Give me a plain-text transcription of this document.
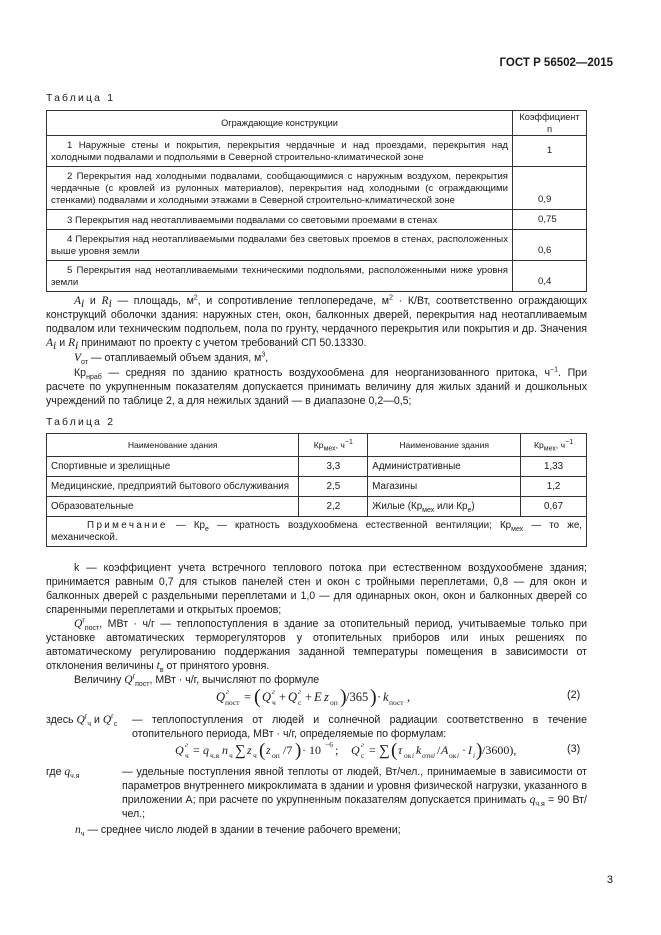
ГОСТ Р 56502—2015
Таблица 1
Ограждающие конструкции	Коэффициент n
1 Наружные стены и покрытия, перекрытия чердачные и над проездами, перекрытия над холодными подвалами и подпольями в Северной строительно-климатической зоне	1
2 Перекрытия над холодными подвалами, сообщающимися с наружным воздухом, перекрытия чердачные (с кровлей из рулонных материалов), перекрытия над холодными (с ограждающими стенками) подвалами и холодными этажами в Северной строительно-климатической зоне	0,9
3 Перекрытия над неотапливаемыми подвалами со световыми проемами в стенах	0,75
4 Перекрытия над неотапливаемыми подвалами без световых проемов в стенах, расположенных выше уровня земли	0,6
5 Перекрытия над неотапливаемыми техническими подпольями, расположенными ниже уровня земли	0,4
$A_i$ и $R_i$ — площадь, $м^2$, и сопротивление теплопередаче, $м^2 \cdot К/Вт$, соответственно ограждающих конструкций оболочки здания: наружных стен, окон, балконных дверей, перекрытия над неотапливаемым подвалом или техническим подпольем, пола по грунту, чердачного перекрытия или покрытия и др. Значения $A_i$ и $R_i$ принимают по проекту с учетом требований СП 50.13330.
$V_{от}$ — отапливаемый объем здания, $м^3$,
$Кр_{нраб}$ — средняя по зданию кратность воздухообмена для неорганизованного притока, $ч^{-1}$. При расчете по укрупненным показателям допускается принимать величину для жилых зданий и дошкольных учреждений по таблице 2, а для нежилых зданий — в диапазоне 0,2—0,5;
Таблица 2
Наименование здания	$Кр_{мех}$, $ч^{-1}$	Наименование здания	$Кр_{мех}$, $ч^{-1}$
Спортивные и зрелищные	3,3	Административные	1,33
Медицинские, предприятий бытового обслуживания	2,5	Магазины	1,2
Образовательные	2,2	Жилые ($Кр_{мех}$ или $Кр_е$)	0,67
Примечание — $Кр_е$ — кратность воздухообмена естественной вентиляции; $Кр_{мех}$ — то же, механической.			
k — коэффициент учета встречного теплового потока при естественном воздухообмене здания; принимается равным 0,7 для стыков панелей стен и окон с тройными переплетами, 0,8 — для окон и балконных дверей с раздельными переплетами и 1,0 — для одинарных окон, окон и балконных дверей со спаренными переплетами и открытых проемов;
$Q^г_{пост}$, МВт · ч/г — теплопоступления в здание за отопительный период, учитываемые только при установке автоматических терморегуляторов у отопительных приборов или иных решениях по автоматическому регулированию поддержания заданной температуры помещения в зависимости от отклонения величины $t_в$ от принятого уровня.
Величину $Q^г_{пост}$, МВт · ч/г, вычисляют по формуле
Q г
пост = ( Q г
ч + Q г
с + E z оп ) /365 ) · k пост ,	(2)
здесь $Q^г_ч$ и $Q^г_с$ — теплопоступления от людей и солнечной радиации соответственно в течение отопительного периода, МВт · ч/г, определяемые по формулам:
Q г
ч = q ч.я n ч ∑ z ч ( z оп /7 ) · 10 −6 ; Q г
с = ∑ ( τ ок i k отн i / A ок i · I i ) /3600),	(3)
где $q_{ч.я}$	— удельные поступления явной теплоты от людей, Вт/чел., принимаемые в зависимости от параметров внутреннего микроклимата в здании и уровня физической нагрузки, указанного в приложении А; при расчете по укрупненным показателям допускается принимать $q_{ч.я} = 90$ Вт/чел.;
$n_ч$ — среднее число людей в здании в течение рабочего времени;
3
